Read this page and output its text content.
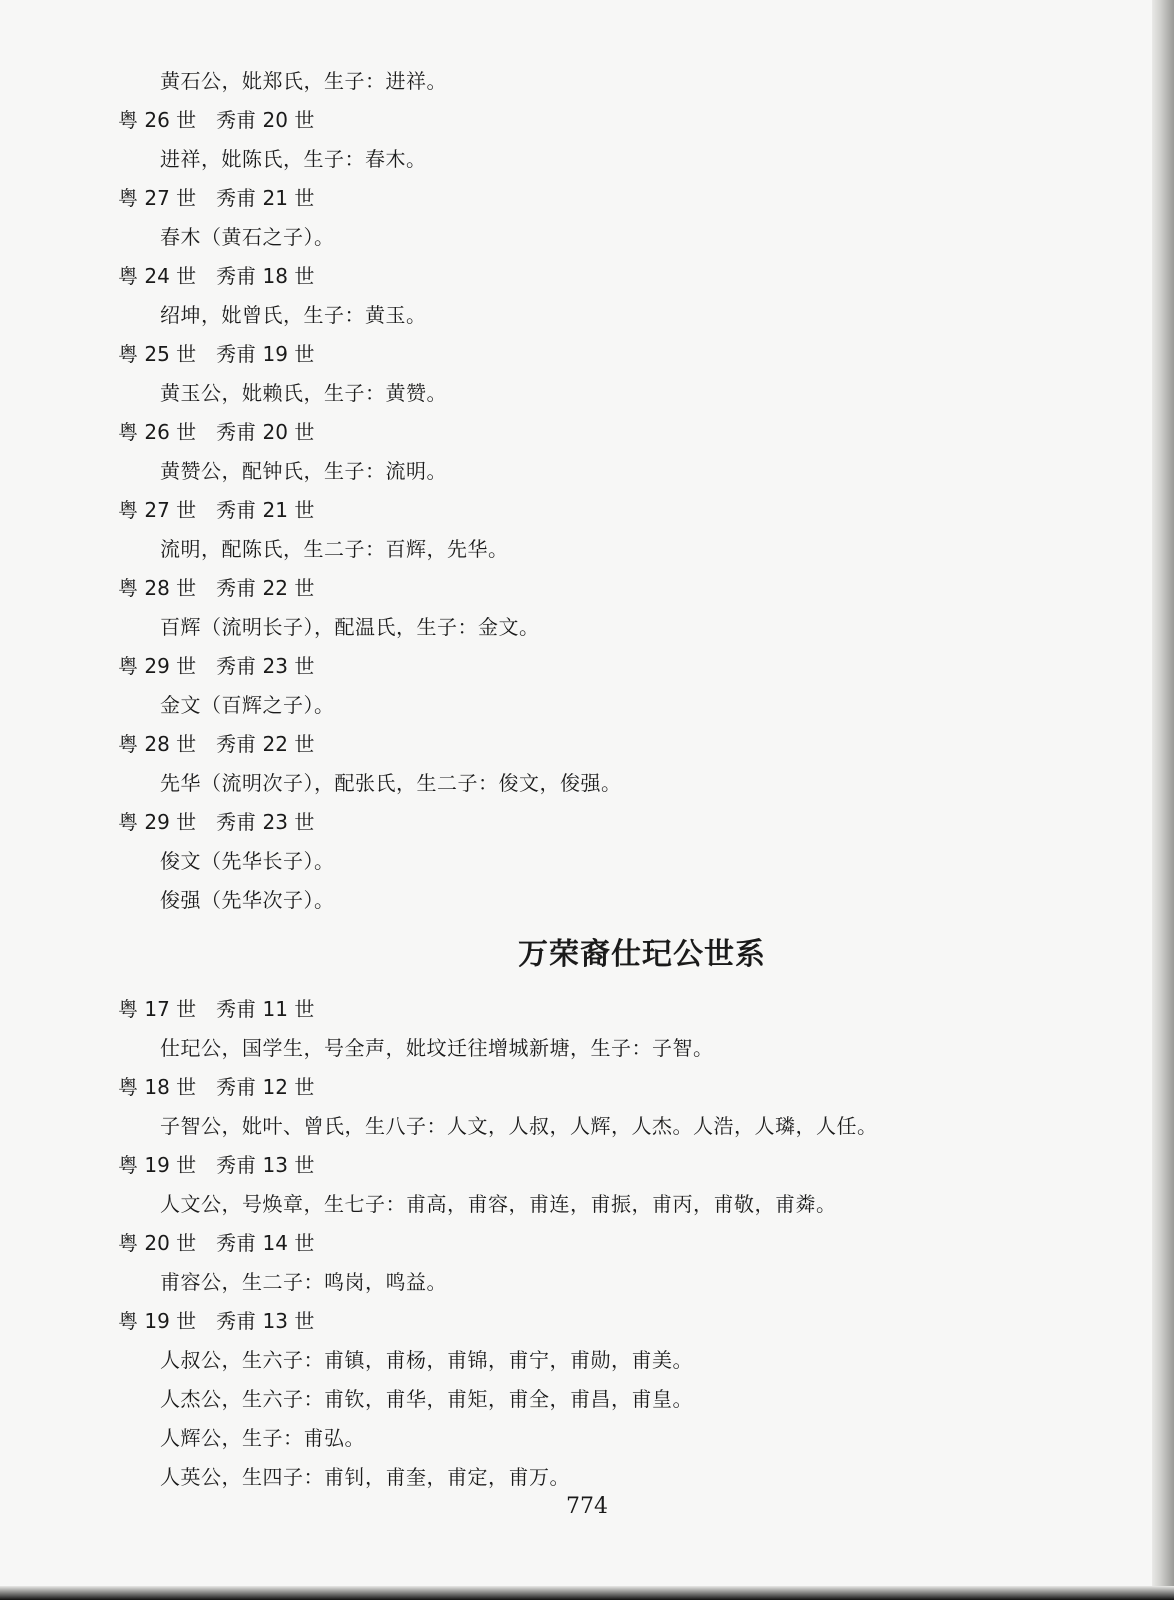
黄石公，妣郑氏，生子：进祥。
粤 26 世 秀甫 20 世
进祥，妣陈氏，生子：春木。
粤 27 世 秀甫 21 世
春木（黄石之子）。
粤 24 世 秀甫 18 世
绍坤，妣曾氏，生子：黄玉。
粤 25 世 秀甫 19 世
黄玉公，妣赖氏，生子：黄赞。
粤 26 世 秀甫 20 世
黄赞公，配钟氏，生子：流明。
粤 27 世 秀甫 21 世
流明，配陈氏，生二子：百辉，先华。
粤 28 世 秀甫 22 世
百辉（流明长子），配温氏，生子：金文。
粤 29 世 秀甫 23 世
金文（百辉之子）。
粤 28 世 秀甫 22 世
先华（流明次子），配张氏，生二子：俊文，俊强。
粤 29 世 秀甫 23 世
俊文（先华长子）。
俊强（先华次子）。
万荣裔仕玘公世系
粤 17 世 秀甫 11 世
仕玘公，国学生，号全声，妣坟迁往增城新塘，生子：子智。
粤 18 世 秀甫 12 世
子智公，妣叶、曾氏，生八子：人文，人叔，人辉，人杰。人浩，人璘，人任。
粤 19 世 秀甫 13 世
人文公，号焕章，生七子：甫高，甫容，甫连，甫振，甫丙，甫敬，甫粦。
粤 20 世 秀甫 14 世
甫容公，生二子：鸣岗，鸣益。
粤 19 世 秀甫 13 世
人叔公，生六子：甫镇，甫杨，甫锦，甫宁，甫勋，甫美。
人杰公，生六子：甫钦，甫华，甫矩，甫全，甫昌，甫皇。
人辉公，生子：甫弘。
人英公，生四子：甫钊，甫奎，甫定，甫万。
774
